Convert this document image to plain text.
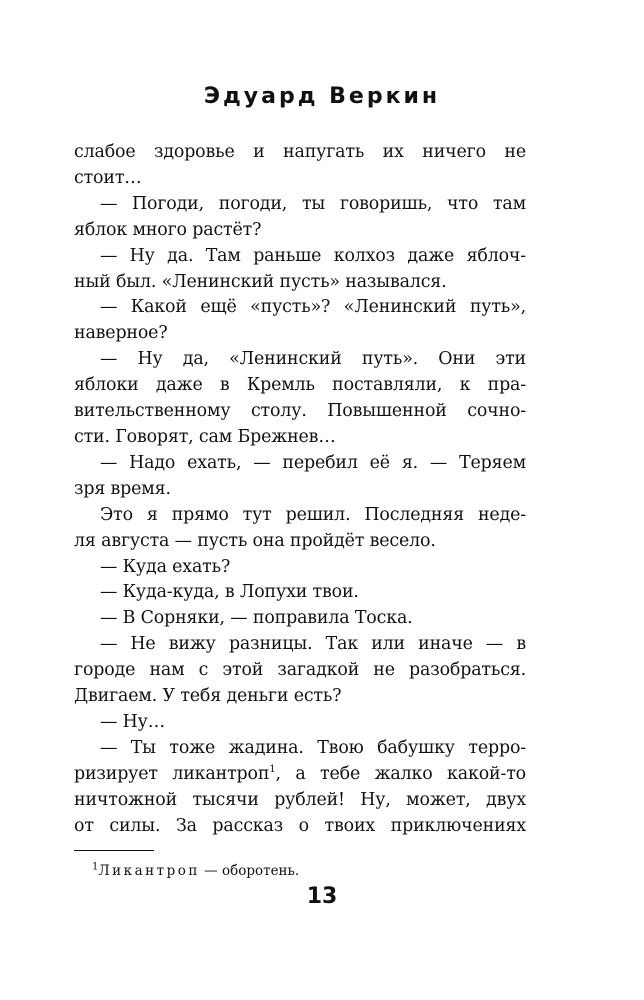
Эдуард Веркин
слабое здоровье и напугать их ничего не
стоит…
— Погоди, погоди, ты говоришь, что там
яблок много растёт?
— Ну да. Там раньше колхоз даже яблоч-
ный был. «Ленинский пусть» назывался.
— Какой ещё «пусть»? «Ленинский путь»,
наверное?
— Ну да, «Ленинский путь». Они эти
яблоки даже в Кремль поставляли, к пра-
вительственному столу. Повышенной сочно-
сти. Говорят, сам Брежнев…
— Надо ехать, — перебил её я. — Теряем
зря время.
Это я прямо тут решил. Последняя неде-
ля августа — пусть она пройдёт весело.
— Куда ехать?
— Куда-куда, в Лопухи твои.
— В Сорняки, — поправила Тоска.
— Не вижу разницы. Так или иначе — в
городе нам с этой загадкой не разобраться.
Двигаем. У тебя деньги есть?
— Ну…
— Ты тоже жадина. Твою бабушку терро-
ризирует ликантроп$^1$, а тебе жалко какой-то
ничтожной тысячи рублей! Ну, может, двух
от силы. За рассказ о твоих приключениях
$^1$Ликантроп — оборотень.
13
